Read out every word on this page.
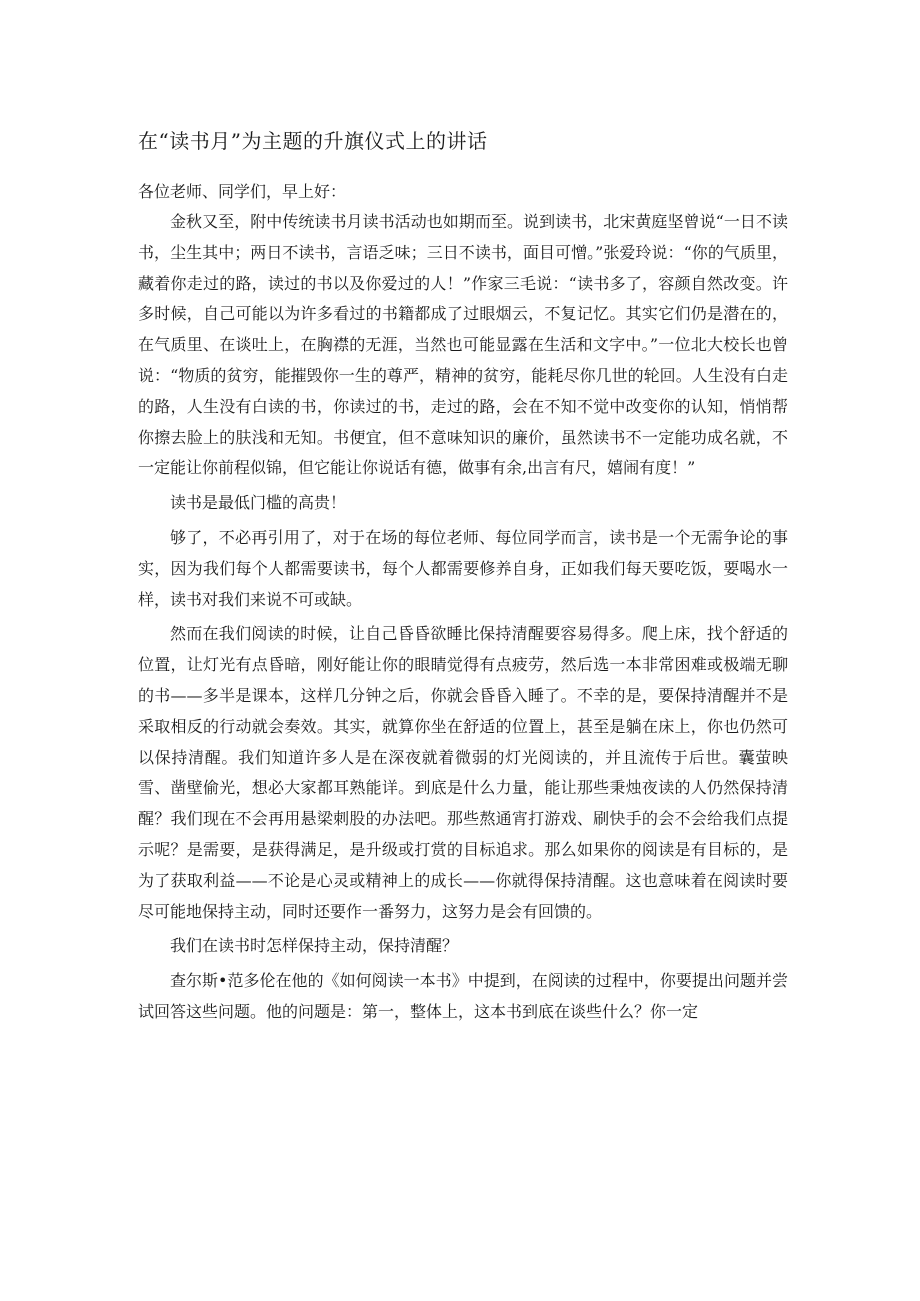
在“读书月”为主题的升旗仪式上的讲话
各位老师、同学们，早上好：

金秋又至，附中传统读书月读书活动也如期而至。说到读书，北宋黄庭坚曾说“一日不读书，尘生其中；两日不读书，言语乏味；三日不读书，面目可憎。”张爱玲说：“你的气质里，藏着你走过的路，读过的书以及你爱过的人！”作家三毛说：“读书多了，容颜自然改变。许多时候，自己可能以为许多看过的书籍都成了过眼烟云，不复记忆。其实它们仍是潜在的，在气质里、在谈吐上，在胸襟的无涯，当然也可能显露在生活和文字中。”一位北大校长也曾说：“物质的贫穷，能摧毁你一生的尊严，精神的贫穷，能耗尽你几世的轮回。人生没有白走的路，人生没有白读的书，你读过的书，走过的路，会在不知不觉中改变你的认知，悄悄帮你擦去脸上的肤浅和无知。书便宜，但不意味知识的廉价，虽然读书不一定能功成名就，不一定能让你前程似锦，但它能让你说话有德，做事有余,出言有尺，嬉闹有度！”

读书是最低门槛的高贵！

够了，不必再引用了，对于在场的每位老师、每位同学而言，读书是一个无需争论的事实，因为我们每个人都需要读书，每个人都需要修养自身，正如我们每天要吃饭，要喝水一样，读书对我们来说不可或缺。

然而在我们阅读的时候，让自己昏昏欲睡比保持清醒要容易得多。爬上床，找个舒适的位置，让灯光有点昏暗，刚好能让你的眼睛觉得有点疲劳，然后选一本非常困难或极端无聊的书——多半是课本，这样几分钟之后，你就会昏昏入睡了。不幸的是，要保持清醒并不是采取相反的行动就会奏效。其实，就算你坐在舒适的位置上，甚至是躺在床上，你也仍然可以保持清醒。我们知道许多人是在深夜就着微弱的灯光阅读的，并且流传于后世。囊萤映雪、凿壁偷光，想必大家都耳熟能详。到底是什么力量，能让那些秉烛夜读的人仍然保持清醒？我们现在不会再用悬梁刺股的办法吧。那些熬通宵打游戏、刷快手的会不会给我们点提示呢？是需要，是获得满足，是升级或打赏的目标追求。那么如果你的阅读是有目标的，是为了获取利益——不论是心灵或精神上的成长——你就得保持清醒。这也意味着在阅读时要尽可能地保持主动，同时还要作一番努力，这努力是会有回馈的。

我们在读书时怎样保持主动，保持清醒？

查尔斯•范多伦在他的《如何阅读一本书》中提到，在阅读的过程中，你要提出问题并尝试回答这些问题。他的问题是：第一，整体上，这本书到底在谈些什么？你一定
